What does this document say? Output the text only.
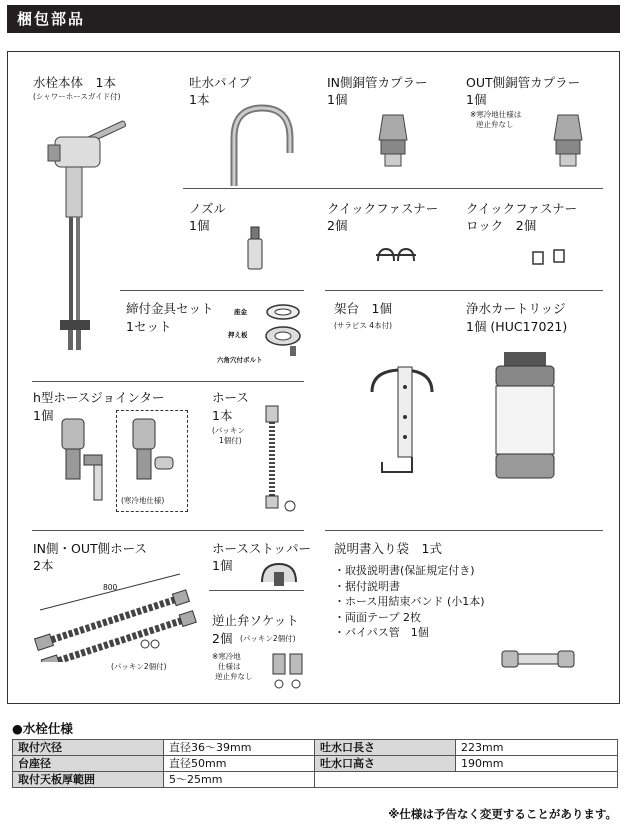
梱包部品
水栓本体　1本
(シャワーホースガイド付)
吐水パイプ
1本
IN側銅管カプラー
1個
OUT側銅管カプラー
1個
※寒冷地仕様は
逆止弁なし
ノズル
1個
クイックファスナー
2個
クイックファスナー
ロック　2個
締付金具セット
1セット
座金
押え板
六角穴付ボルト
架台　1個
(サラビス 4本付)
浄水カートリッジ
1個 (HUC17021)
h型ホースジョインター
1個
(寒冷地仕様)
ホース
1本
(パッキン
1個付)
IN側・OUT側ホース
2本
800
(パッキン2個付)
ホースストッパー
1個
逆止弁ソケット
2個 (パッキン2個付)
※寒冷地
仕様は
逆止弁なし
説明書入り袋　1式
・取扱説明書(保証規定付き)
・据付説明書
・ホース用結束バンド (小1本)
・両面テープ 2枚
・バイパス管　1個
●水栓仕様
取付穴径	直径36〜39mm	吐水口長さ	223mm
台座径	直径50mm	吐水口高さ	190mm
取付天板厚範囲	5〜25mm		
※仕様は予告なく変更することがあります。
